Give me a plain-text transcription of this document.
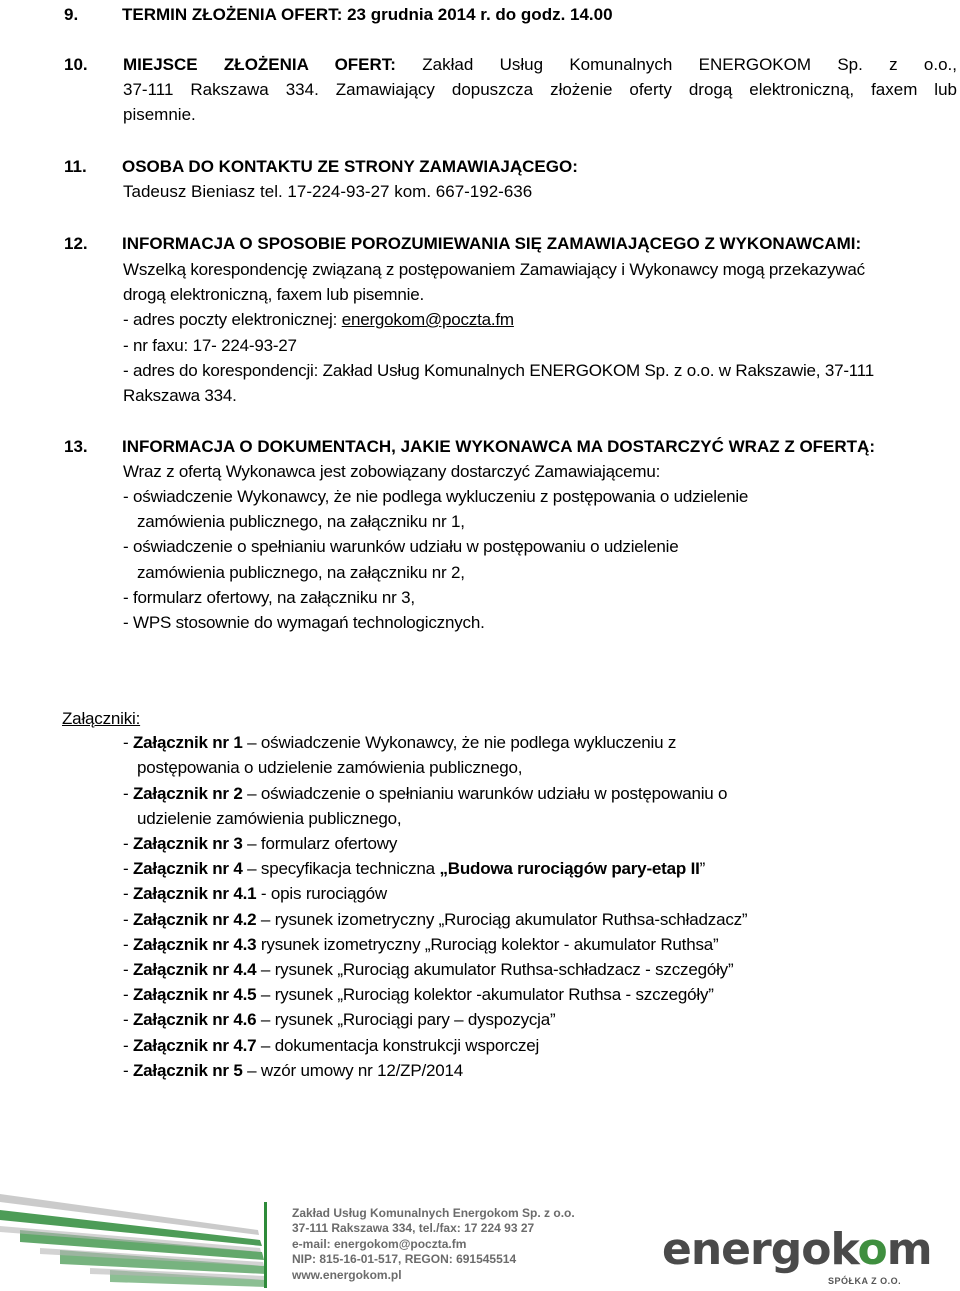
9.	TERMIN ZŁOŻENIA OFERT: 23 grudnia 2014 r. do godz. 14.00
10.	MIEJSCE ZŁOŻENIA OFERT: Zakład Usług Komunalnych ENERGOKOM Sp. z o.o.,
37-111 Rakszawa 334. Zamawiający dopuszcza złożenie oferty drogą elektroniczną, faxem lub
pisemnie.
11. OSOBA DO KONTAKTU ZE STRONY ZAMAWIAJĄCEGO:
Tadeusz Bieniasz tel. 17-224-93-27 kom. 667-192-636
12. INFORMACJA O SPOSOBIE POROZUMIEWANIA SIĘ ZAMAWIAJĄCEGO Z WYKONAWCAMI:
Wszelką korespondencję związaną z postępowaniem Zamawiający i Wykonawcy mogą przekazywać
drogą elektroniczną, faxem lub pisemnie.
- adres poczty elektronicznej: energokom@poczta.fm
- nr faxu: 17- 224-93-27
- adres do korespondencji: Zakład Usług Komunalnych ENERGOKOM Sp. z o.o. w Rakszawie, 37-111
Rakszawa 334.
13. INFORMACJA O DOKUMENTACH, JAKIE WYKONAWCA MA DOSTARCZYĆ WRAZ Z OFERTĄ:
Wraz z ofertą Wykonawca jest zobowiązany dostarczyć Zamawiającemu:
- oświadczenie Wykonawcy, że nie podlega wykluczeniu z postępowania o udzielenie
zamówienia publicznego, na załączniku nr 1,
- oświadczenie o spełnianiu warunków udziału w postępowaniu o udzielenie
zamówienia publicznego, na załączniku nr 2,
- formularz ofertowy, na załączniku nr 3,
- WPS stosownie do wymagań technologicznych.
Załączniki:
- Załącznik nr 1 – oświadczenie Wykonawcy, że nie podlega wykluczeniu z
postępowania o udzielenie zamówienia publicznego,
- Załącznik nr 2 – oświadczenie o spełnianiu warunków udziału w postępowaniu o
udzielenie zamówienia publicznego,
- Załącznik nr 3 – formularz ofertowy
- Załącznik nr 4 – specyfikacja techniczna „Budowa rurociągów pary-etap II”
- Załącznik nr 4.1 - opis rurociągów
- Załącznik nr 4.2 – rysunek izometryczny „Rurociąg akumulator Ruthsa-schładzacz”
- Załącznik nr 4.3 rysunek izometryczny „Rurociąg kolektor - akumulator Ruthsa”
- Załącznik nr 4.4 – rysunek „Rurociąg akumulator Ruthsa-schładzacz - szczegóły”
- Załącznik nr 4.5 – rysunek „Rurociąg kolektor -akumulator Ruthsa - szczegóły”
- Załącznik nr 4.6 – rysunek „Rurociągi pary – dyspozycja”
- Załącznik nr 4.7 – dokumentacja konstrukcji wsporczej
- Załącznik nr 5 – wzór umowy nr 12/ZP/2014
Zakład Usług Komunalnych Energokom Sp. z o.o.
37-111 Rakszawa 334, tel./fax: 17 224 93 27
e-mail: energokom@poczta.fm
NIP: 815-16-01-517, REGON: 691545514
www.energokom.pl	energokom
SPÓŁKA Z O.O.
